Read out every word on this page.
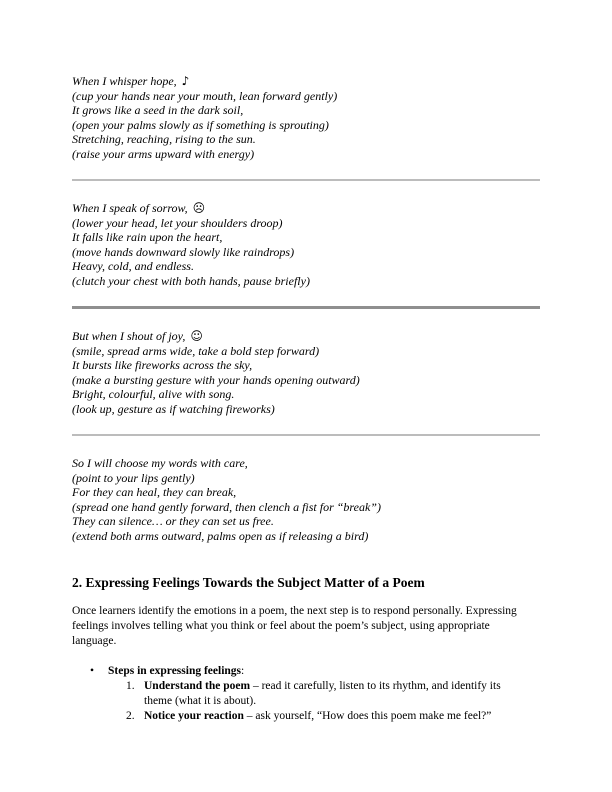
When I whisper hope, ♪

(cup your hands near your mouth, lean forward gently)

It grows like a seed in the dark soil,

(open your palms slowly as if something is sprouting)

Stretching, reaching, rising to the sun.

(raise your arms upward with energy)

When I speak of sorrow, ☹

(lower your head, let your shoulders droop)

It falls like rain upon the heart,

(move hands downward slowly like raindrops)

Heavy, cold, and endless.

(clutch your chest with both hands, pause briefly)

But when I shout of joy, ☺

(smile, spread arms wide, take a bold step forward)

It bursts like fireworks across the sky,

(make a bursting gesture with your hands opening outward)

Bright, colourful, alive with song.

(look up, gesture as if watching fireworks)

So I will choose my words with care,

(point to your lips gently)

For they can heal, they can break,

(spread one hand gently forward, then clench a fist for “break”)

They can silence… or they can set us free.

(extend both arms outward, palms open as if releasing a bird)

2. Expressing Feelings Towards the Subject Matter of a Poem

Once learners identify the emotions in a poem, the next step is to respond personally. Expressing
feelings involves telling what you think or feel about the poem’s subject, using appropriate
language.

•	Steps in expressing feelings:
1. Understand the poem – read it carefully, listen to its rhythm, and identify its
theme (what it is about).
2. Notice your reaction – ask yourself, “How does this poem make me feel?”
